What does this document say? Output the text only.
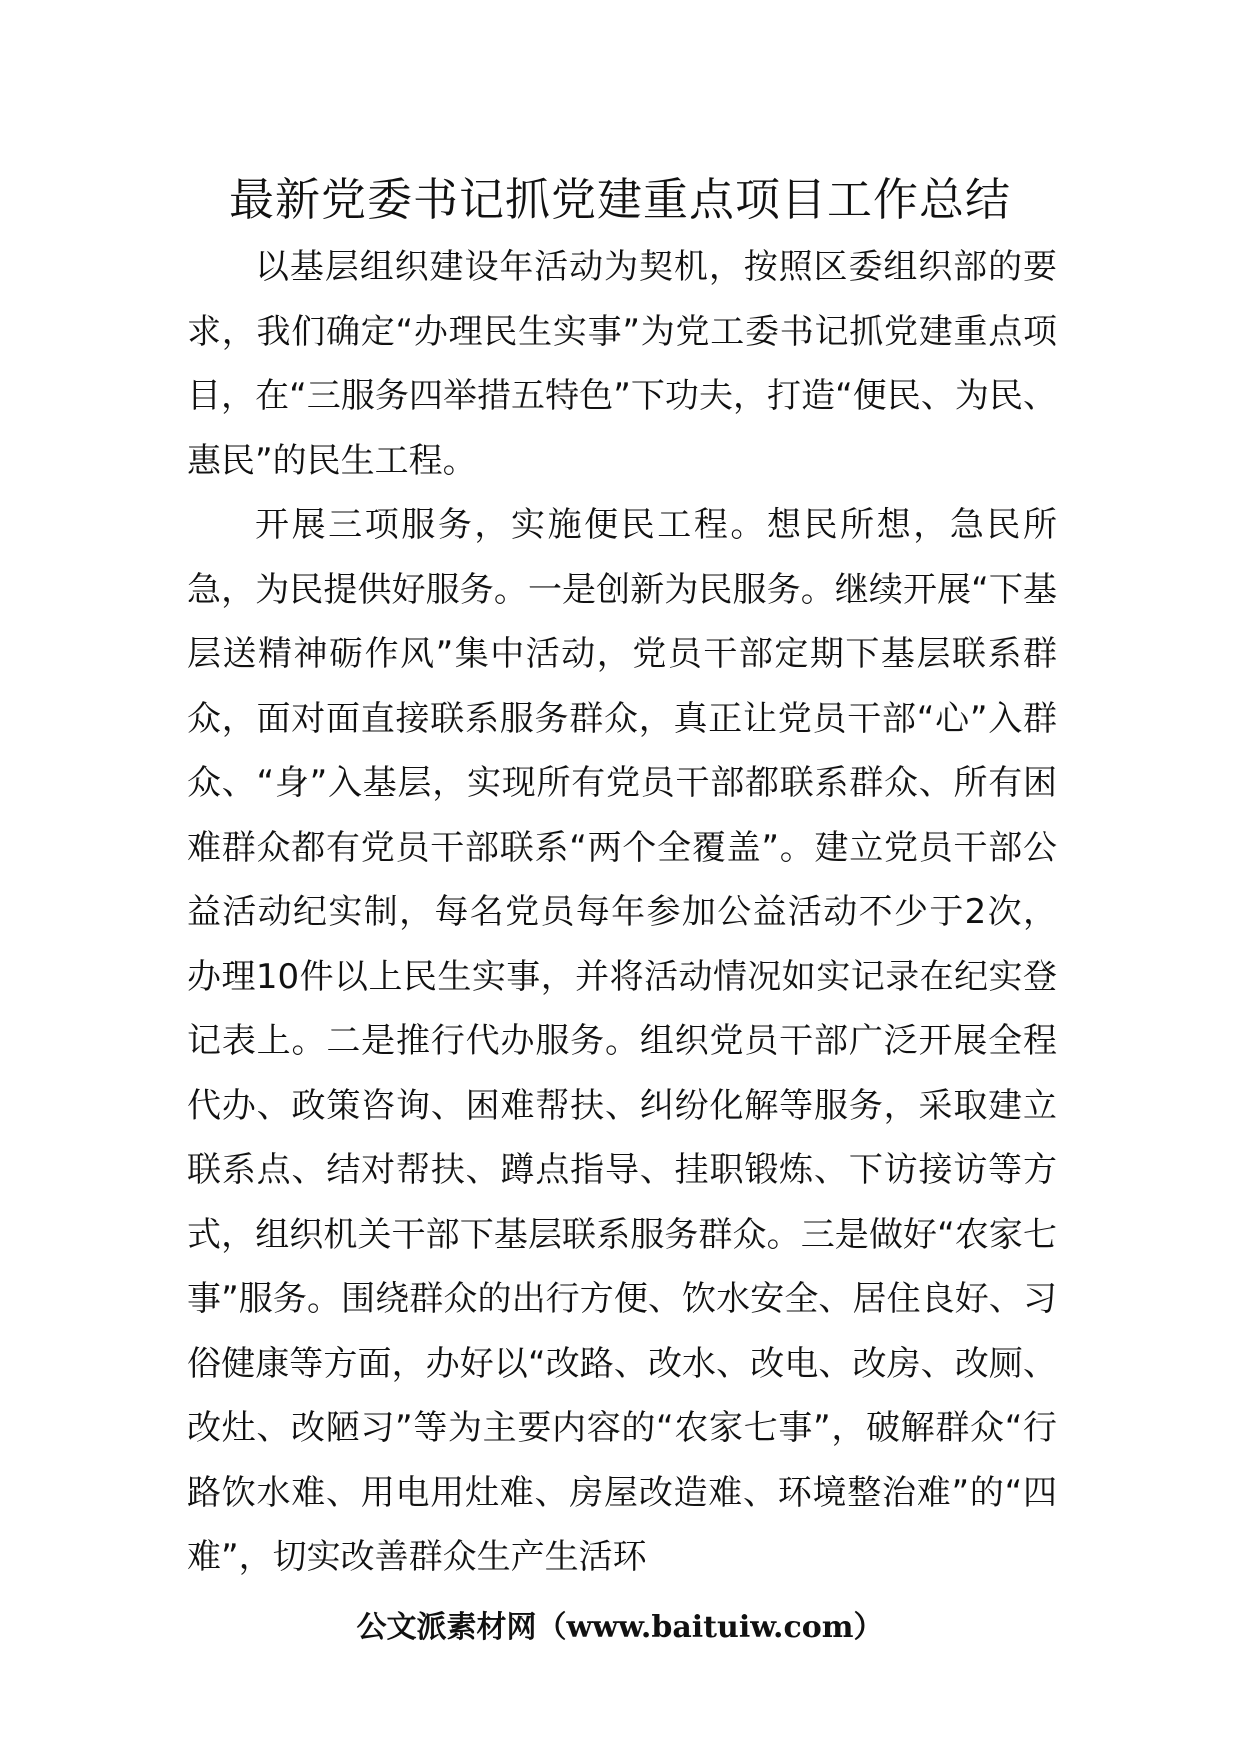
最新党委书记抓党建重点项目工作总结

以基层组织建设年活动为契机，按照区委组织部的要求，我们确定“办理民生实事”为党工委书记抓党建重点项目，在“三服务四举措五特色”下功夫，打造“便民、为民、惠民”的民生工程。

开展三项服务，实施便民工程。想民所想，急民所急，为民提供好服务。一是创新为民服务。继续开展“下基层送精神砺作风”集中活动，党员干部定期下基层联系群众，面对面直接联系服务群众，真正让党员干部“心”入群众、“身”入基层，实现所有党员干部都联系群众、所有困难群众都有党员干部联系“两个全覆盖”。建立党员干部公益活动纪实制，每名党员每年参加公益活动不少于2次，办理10件以上民生实事，并将活动情况如实记录在纪实登记表上。二是推行代办服务。组织党员干部广泛开展全程代办、政策咨询、困难帮扶、纠纷化解等服务，采取建立联系点、结对帮扶、蹲点指导、挂职锻炼、下访接访等方式，组织机关干部下基层联系服务群众。三是做好“农家七事”服务。围绕群众的出行方便、饮水安全、居住良好、习俗健康等方面，办好以“改路、改水、改电、改房、改厕、改灶、改陋习”等为主要内容的“农家七事”，破解群众“行路饮水难、用电用灶难、房屋改造难、环境整治难”的“四难”，切实改善群众生产生活环

公文派素材网（www.baituiw.com）
